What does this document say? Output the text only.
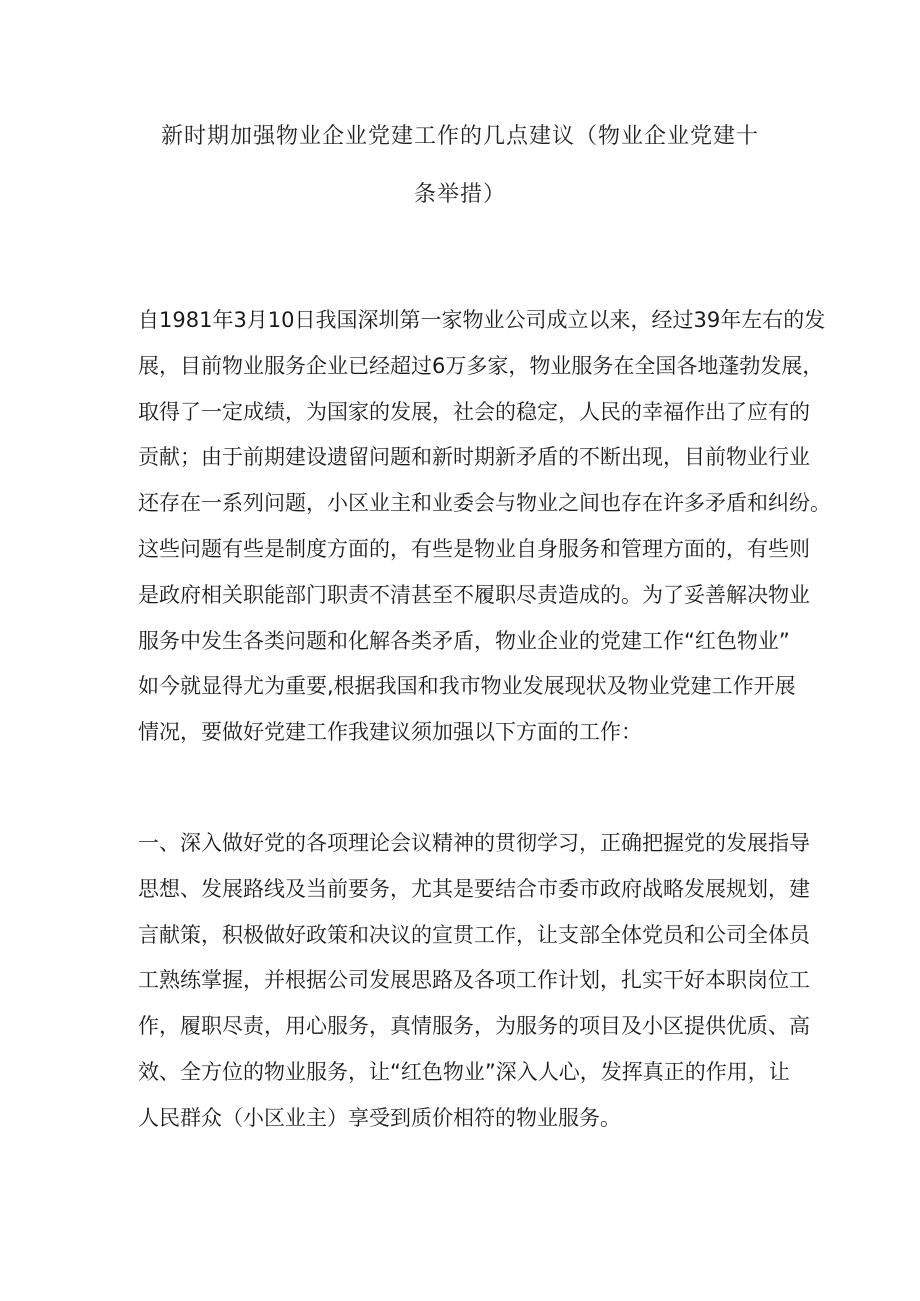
新时期加强物业企业党建工作的几点建议（物业企业党建十
条举措）

自1981年3月10日我国深圳第一家物业公司成立以来，经过39年左右的发
展，目前物业服务企业已经超过6万多家，物业服务在全国各地蓬勃发展，
取得了一定成绩，为国家的发展，社会的稳定，人民的幸福作出了应有的
贡献；由于前期建设遗留问题和新时期新矛盾的不断出现，目前物业行业
还存在一系列问题，小区业主和业委会与物业之间也存在许多矛盾和纠纷。
这些问题有些是制度方面的，有些是物业自身服务和管理方面的，有些则
是政府相关职能部门职责不清甚至不履职尽责造成的。为了妥善解决物业
服务中发生各类问题和化解各类矛盾，物业企业的党建工作“红色物业”
如今就显得尤为重要,根据我国和我市物业发展现状及物业党建工作开展
情况，要做好党建工作我建议须加强以下方面的工作：

一、深入做好党的各项理论会议精神的贯彻学习，正确把握党的发展指导
思想、发展路线及当前要务，尤其是要结合市委市政府战略发展规划，建
言献策，积极做好政策和决议的宣贯工作，让支部全体党员和公司全体员
工熟练掌握，并根据公司发展思路及各项工作计划，扎实干好本职岗位工
作，履职尽责，用心服务，真情服务，为服务的项目及小区提供优质、高
效、全方位的物业服务，让“红色物业”深入人心，发挥真正的作用，让
人民群众（小区业主）享受到质价相符的物业服务。
